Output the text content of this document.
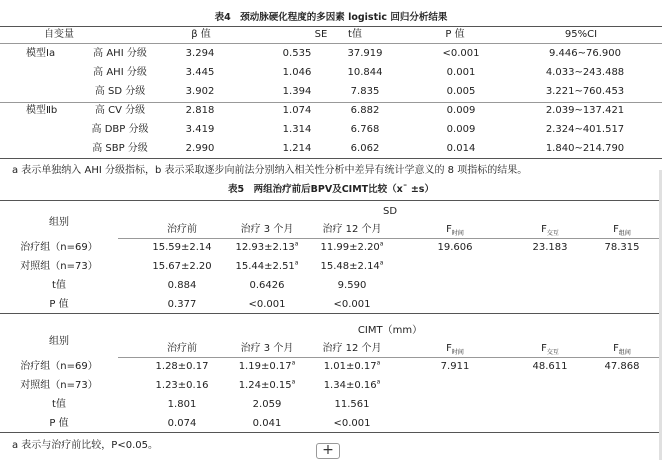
表4　颈动脉硬化程度的多因素 logistic 回归分析结果
自变量	β 值	SE	t值	P 值	95%CI
模型Ⅰa	高 AHI 分级	3.294	0.535	37.919	<0.001	9.446~76.900
高 AHI 分级	3.445	1.046	10.844	0.001	4.033~243.488
高 SD 分级	3.902	1.394	7.835	0.005	3.221~760.453
模型Ⅱb	高 CV 分级	2.818	1.074	6.882	0.009	2.039~137.421
高 DBP 分级	3.419	1.314	6.768	0.009	2.324~401.517
高 SBP 分级	2.990	1.214	6.062	0.014	1.840~214.790
a 表示单独纳入 AHI 分级指标，b 表示采取逐步向前法分别纳入相关性分析中差异有统计学意义的 8 项指标的结果。
表5　两组治疗前后BPV及CIMT比较（x¯ ±s）
组别
SD
治疗前	治疗 3 个月	治疗 12 个月	$F_{时间}$	$F_{交互}$	$F_{组间}$
治疗组（n=69）	15.59±2.14	12.93±2.13$^a$	11.99±2.20$^a$	19.606	23.183	78.315
对照组（n=73）	15.67±2.20	15.44±2.51$^a$	15.48±2.14$^a$
t值	0.884	0.6426	9.590
P 值	0.377	<0.001	<0.001
组别
CIMT（mm）
治疗前	治疗 3 个月	治疗 12 个月	$F_{时间}$	$F_{交互}$	$F_{组间}$
治疗组（n=69）	1.28±0.17	1.19±0.17$^a$	1.01±0.17$^a$	7.911	48.611	47.868
对照组（n=73）	1.23±0.16	1.24±0.15$^a$	1.34±0.16$^a$
t值	1.801	2.059	11.561
P 值	0.074	0.041	<0.001
a 表示与治疗前比较，P<0.05。	+
